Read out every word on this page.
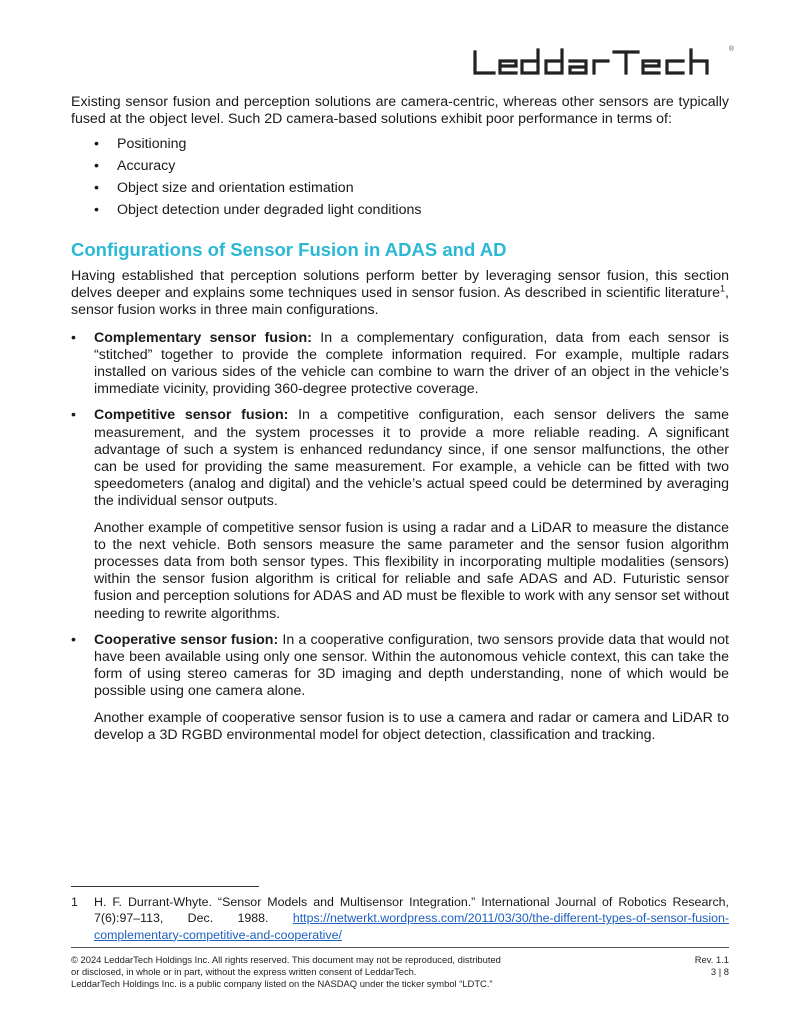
®

Existing sensor fusion and perception solutions are camera-centric, whereas other sensors are typically fused at the object level. Such 2D camera-based solutions exhibit poor performance in terms of:

• Positioning
• Accuracy
• Object size and orientation estimation
• Object detection under degraded light conditions
Configurations of Sensor Fusion in ADAS and AD

Having established that perception solutions perform better by leveraging sensor fusion, this section delves deeper and explains some techniques used in sensor fusion. As described in scientific literature$^1$, sensor fusion works in three main configurations.

• Complementary sensor fusion: In a complementary configuration, data from each sensor is “stitched” together to provide the complete information required. For example, multiple radars installed on various sides of the vehicle can combine to warn the driver of an object in the vehicle’s immediate vicinity, providing 360-degree protective coverage.
• Competitive sensor fusion: In a competitive configuration, each sensor delivers the same measurement, and the system processes it to provide a more reliable reading. A significant advantage of such a system is enhanced redundancy since, if one sensor malfunctions, the other can be used for providing the same measurement. For example, a vehicle can be fitted with two speedometers (analog and digital) and the vehicle’s actual speed could be determined by averaging the individual sensor outputs.

Another example of competitive sensor fusion is using a radar and a LiDAR to measure the distance to the next vehicle. Both sensors measure the same parameter and the sensor fusion algorithm processes data from both sensor types. This flexibility in incorporating multiple modalities (sensors) within the sensor fusion algorithm is critical for reliable and safe ADAS and AD. Futuristic sensor fusion and perception solutions for ADAS and AD must be flexible to work with any sensor set without needing to rewrite algorithms.

• Cooperative sensor fusion: In a cooperative configuration, two sensors provide data that would not have been available using only one sensor. Within the autonomous vehicle context, this can take the form of using stereo cameras for 3D imaging and depth understanding, none of which would be possible using one camera alone.

Another example of cooperative sensor fusion is to use a camera and radar or camera and LiDAR to develop a 3D RGBD environmental model for object detection, classification and tracking.

1	H. F. Durrant-Whyte. “Sensor Models and Multisensor Integration.” International Journal of Robotics Research, 7(6):97–113, Dec. 1988. https://netwerkt.wordpress.com/2011/03/30/the-different-types-of-sensor-fusion-complementary-competitive-and-cooperative/
© 2024 LeddarTech Holdings Inc. All rights reserved. This document may not be reproduced, distributed
or disclosed, in whole or in part, without the express written consent of LeddarTech.
LeddarTech Holdings Inc. is a public company listed on the NASDAQ under the ticker symbol “LDTC.”
Rev. 1.1
3 | 8
